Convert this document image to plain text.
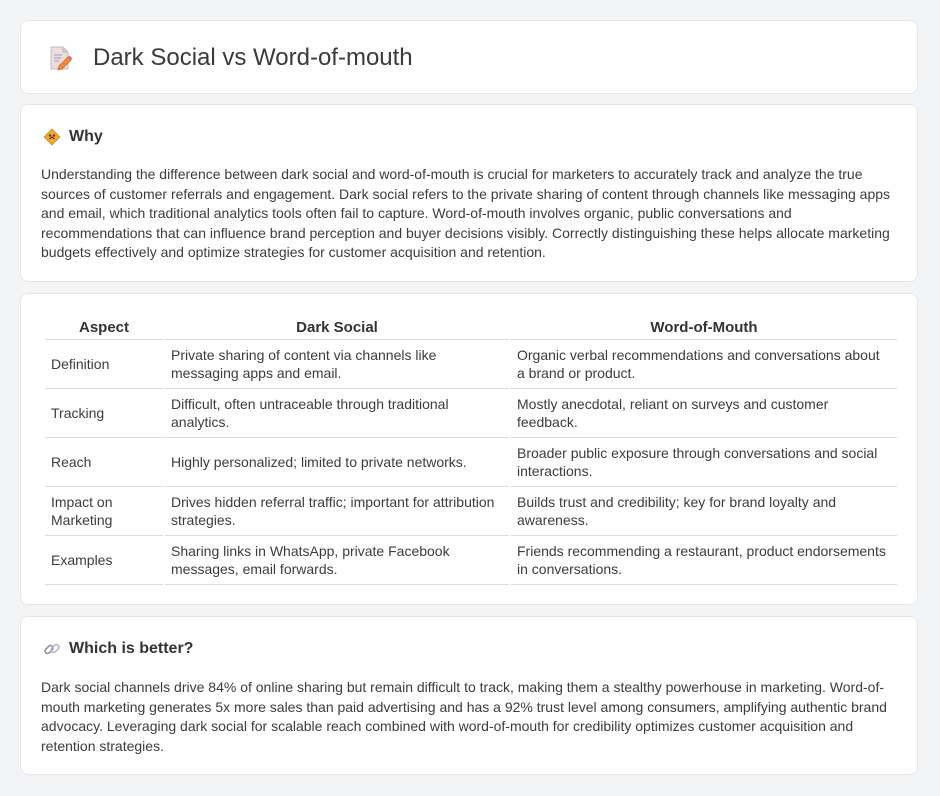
Dark Social vs Word-of-mouth
Why

Understanding the difference between dark social and word-of-mouth is crucial for marketers to accurately track and analyze the true sources of customer referrals and engagement. Dark social refers to the private sharing of content through channels like messaging apps and email, which traditional analytics tools often fail to capture. Word-of-mouth involves organic, public conversations and recommendations that can influence brand perception and buyer decisions visibly. Correctly distinguishing these helps allocate marketing budgets effectively and optimize strategies for customer acquisition and retention.

Aspect	Dark Social	Word-of-Mouth
Definition	Private sharing of content via channels like messaging apps and email.	Organic verbal recommendations and conversations about a brand or product.
Tracking	Difficult, often untraceable through traditional analytics.	Mostly anecdotal, reliant on surveys and customer feedback.
Reach	Highly personalized; limited to private networks.	Broader public exposure through conversations and social interactions.
Impact on Marketing	Drives hidden referral traffic; important for attribution strategies.	Builds trust and credibility; key for brand loyalty and awareness.
Examples	Sharing links in WhatsApp, private Facebook messages, email forwards.	Friends recommending a restaurant, product endorsements in conversations.
Which is better?

Dark social channels drive 84% of online sharing but remain difficult to track, making them a stealthy powerhouse in marketing. Word-of-mouth marketing generates 5x more sales than paid advertising and has a 92% trust level among consumers, amplifying authentic brand advocacy. Leveraging dark social for scalable reach combined with word-of-mouth for credibility optimizes customer acquisition and retention strategies.
